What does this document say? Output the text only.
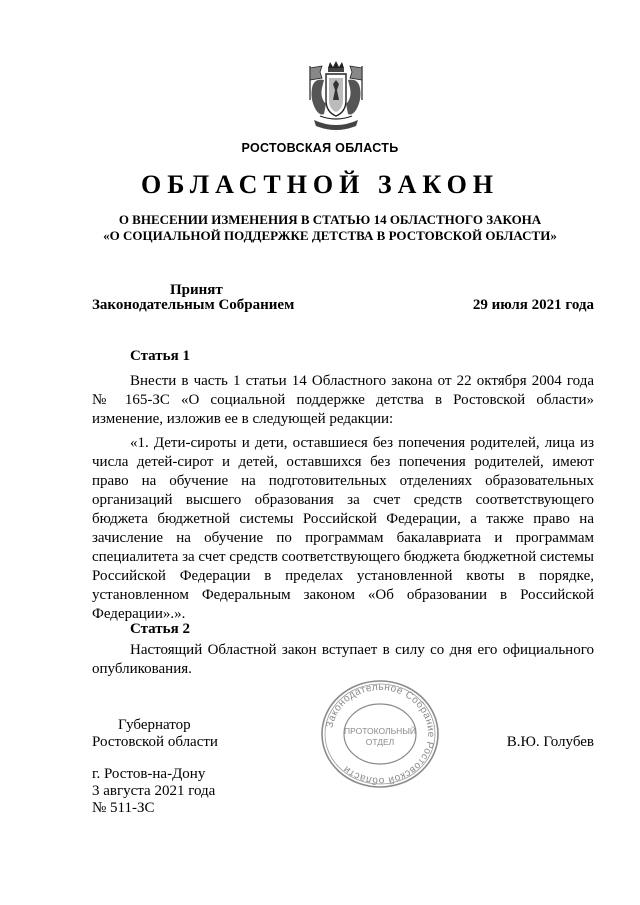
РОСТОВСКАЯ ОБЛАСТЬ
ОБЛАСТНОЙ ЗАКОН
О ВНЕСЕНИИ ИЗМЕНЕНИЯ В СТАТЬЮ 14 ОБЛАСТНОГО ЗАКОНА
«О СОЦИАЛЬНОЙ ПОДДЕРЖКЕ ДЕТСТВА В РОСТОВСКОЙ ОБЛАСТИ»
Принят
Законодательным Собранием	29 июля 2021 года
Статья 1
Внести в часть 1 статьи 14 Областного закона от 22 октября 2004 года № 165-ЗС «О социальной поддержке детства в Ростовской области» изменение, изложив ее в следующей редакции:
«1. Дети-сироты и дети, оставшиеся без попечения родителей, лица из числа детей-сирот и детей, оставшихся без попечения родителей, имеют право на обучение на подготовительных отделениях образовательных организаций высшего образования за счет средств соответствующего бюджета бюджетной системы Российской Федерации, а также право на зачисление на обучение по программам бакалавриата и программам специалитета за счет средств соответствующего бюджета бюджетной системы Российской Федерации в пределах установленной квоты в порядке, установленном Федеральным законом «Об образовании в Российской Федерации».».
Статья 2
Настоящий Областной закон вступает в силу со дня его официального опубликования.
Губернатор
Ростовской области	В.Ю. Голубев
Законодательное Собрание Ростовской области
ПРОТОКОЛЬНЫЙ
ОТДЕЛ
г. Ростов-на-Дону
3 августа 2021 года
№ 511-ЗС
